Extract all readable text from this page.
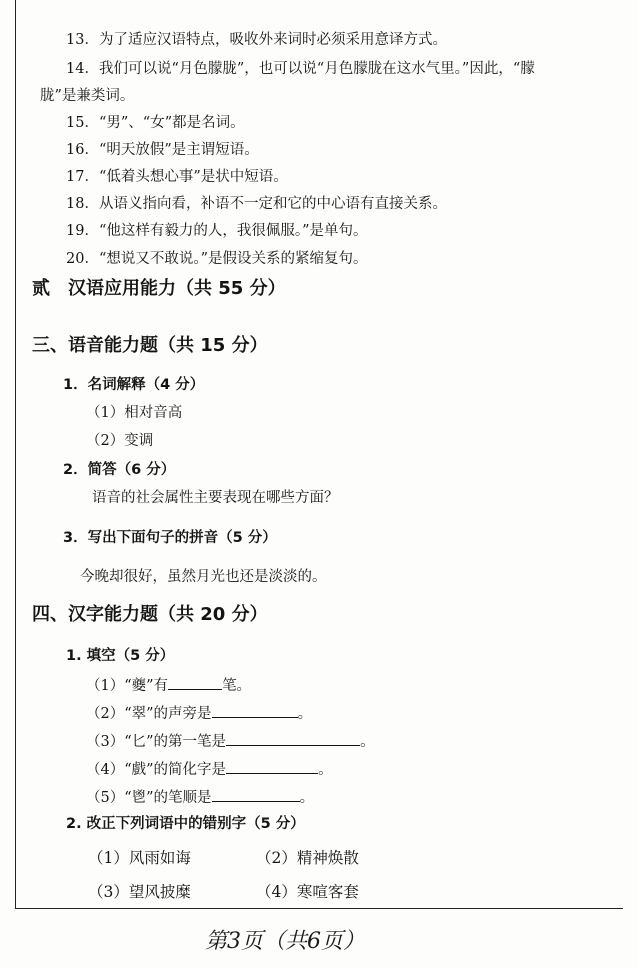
13．为了适应汉语特点，吸收外来词时必须采用意译方式。
14．我们可以说“月色朦胧”，也可以说“月色朦胧在这水气里。”因此，“朦
胧”是兼类词。
15．“男”、“女”都是名词。
16．“明天放假”是主谓短语。
17．“低着头想心事”是状中短语。
18．从语义指向看，补语不一定和它的中心语有直接关系。
19．“他这样有毅力的人，我很佩服。”是单句。
20．“想说又不敢说。”是假设关系的紧缩复句。
贰　汉语应用能力（共 55 分）
三、语音能力题（共 15 分）
1．名词解释（4 分）
（1）相对音高
（2）变调
2．简答（6 分）
语音的社会属性主要表现在哪些方面？
3．写出下面句子的拼音（5 分）
今晚却很好，虽然月光也还是淡淡的。
四、汉字能力题（共 20 分）
1. 填空（5 分）
（1）“夔”有	笔。
（2）“翠”的声旁是	。
（3）“匕”的第一笔是	。
（4）“戲”的简化字是	。
（5）“鬯”的笔顺是	。
2. 改正下列词语中的错别字（5 分）
（1）风雨如诲	（2）精神焕散
（3）望风披糜	（4）寒喧客套
第3页（共6页）
